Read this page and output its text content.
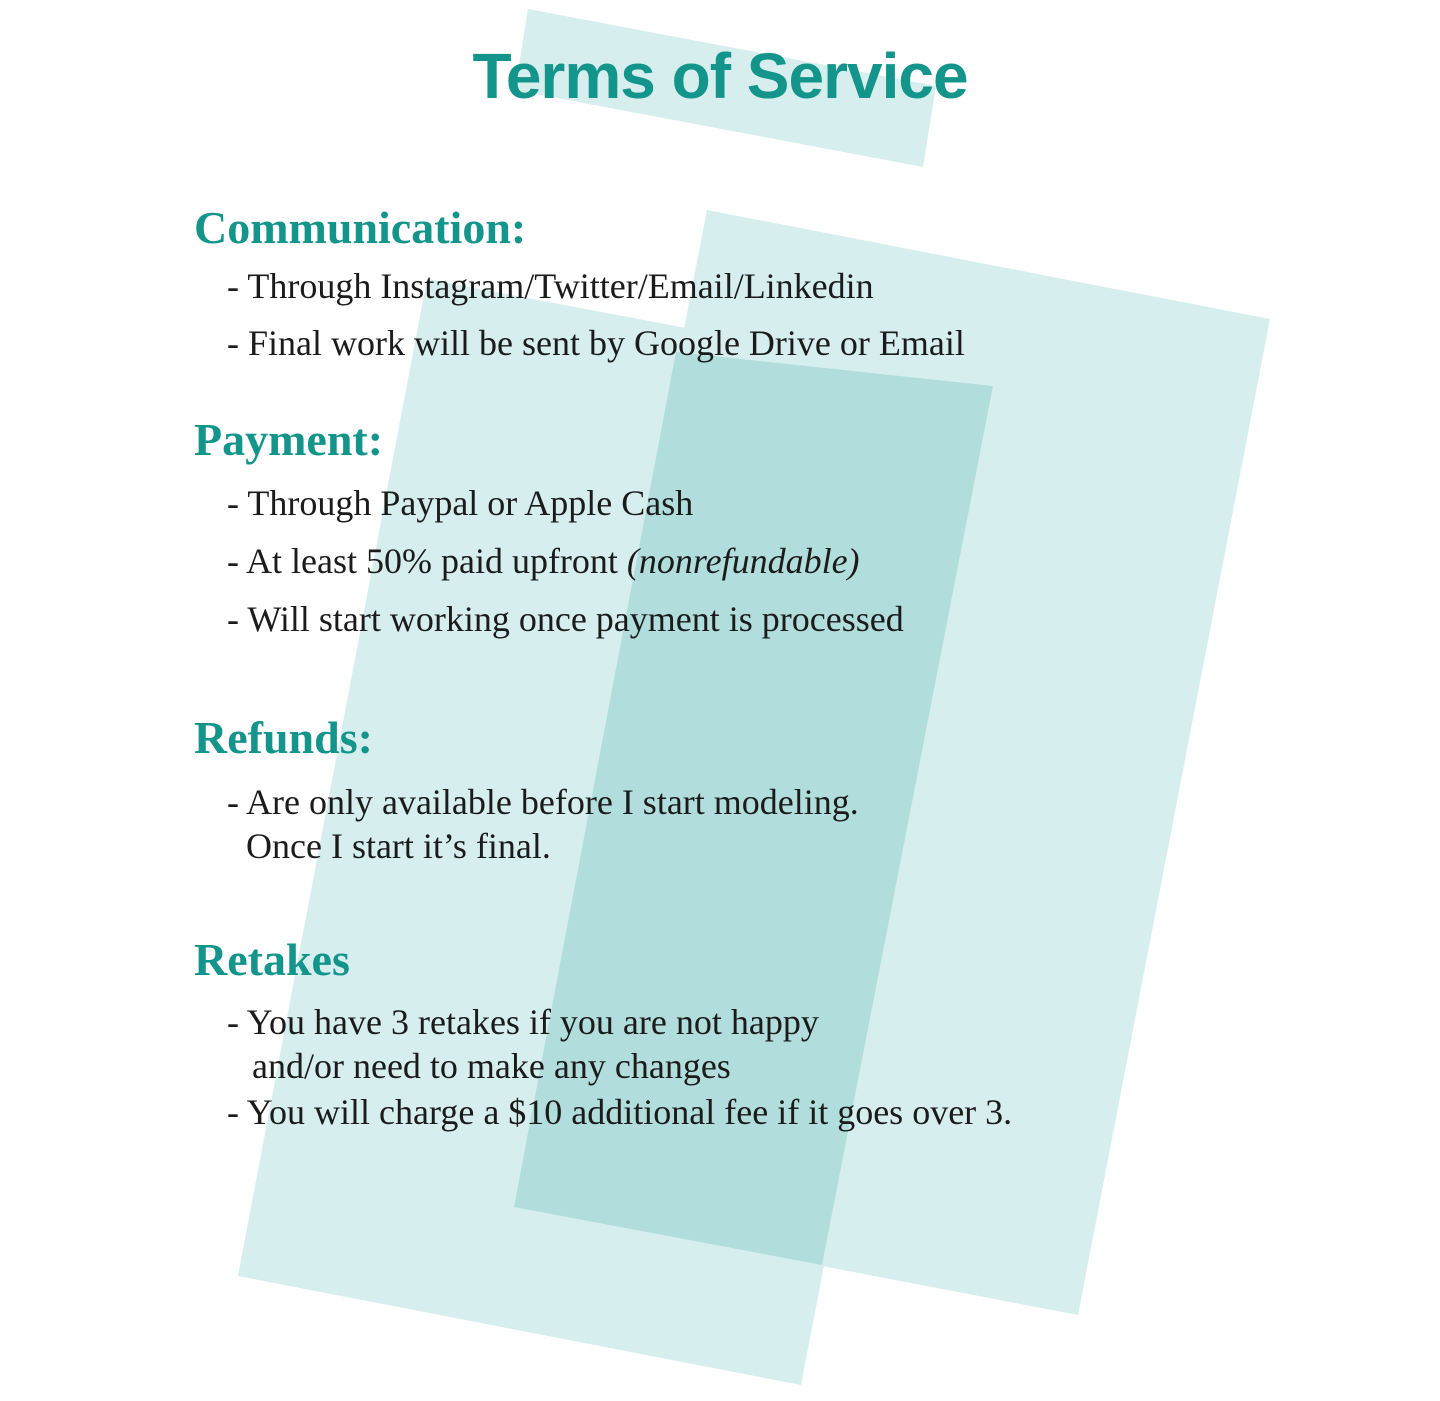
Terms of Service
Communication:

- Through Instagram/Twitter/Email/Linkedin

- Final work will be sent by Google Drive or Email

Payment:

- Through Paypal or Apple Cash

- At least 50% paid upfront (nonrefundable)

- Will start working once payment is processed

Refunds:

- Are only available before I start modeling.

Once I start it’s final.

Retakes

- You have 3 retakes if you are not happy

and/or need to make any changes

- You will charge a $10 additional fee if it goes over 3.
